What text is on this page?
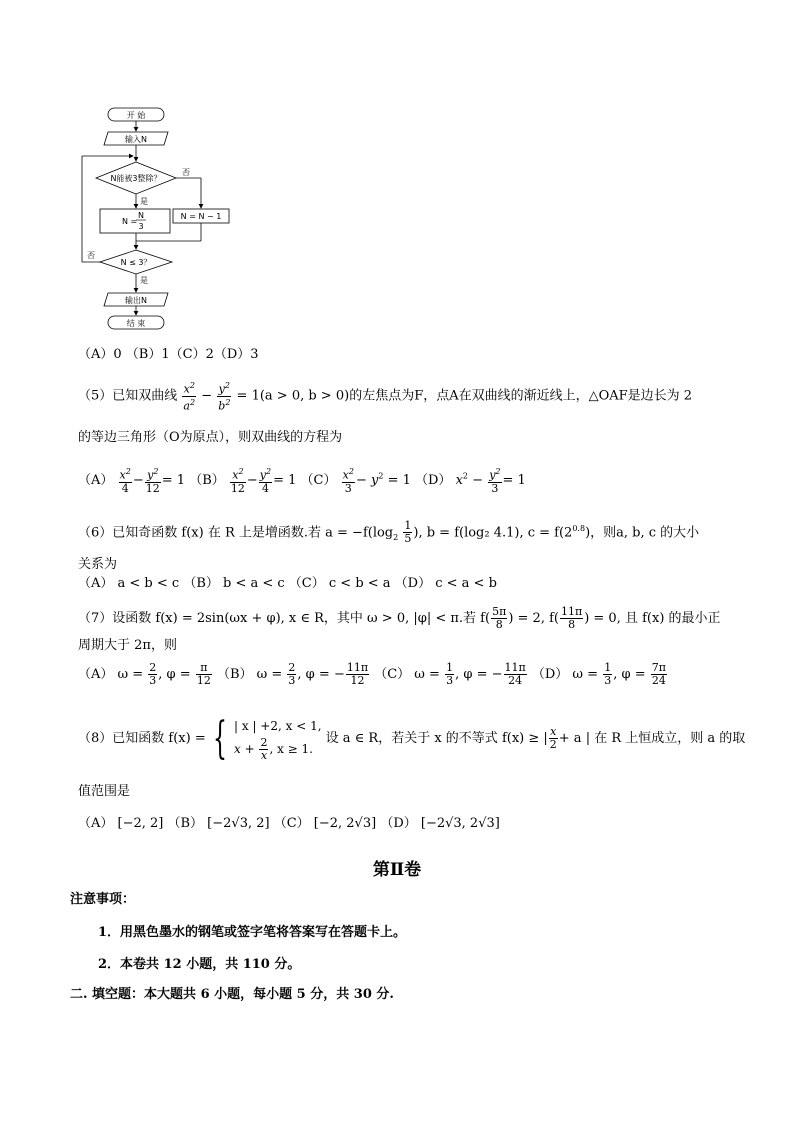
开 始
输入N
N能被3整除？
否
是
N =
N
3
N = N − 1
N ≤ 3？
否
是
输出N
结 束
（A）0 （B）1（C）2（D）3
（5）已知双曲线 $\frac{x^2}{a^2} - \frac{y^2}{b^2} = 1(a > 0$, b > 0)的左焦点为F，点A在双曲线的渐近线上，△OAF是边长为 2
的等边三角形（O为原点），则双曲线的方程为
$(A) \frac{x^2}{4} - \frac{y^2}{12} = 1$ $(B) \frac{x^2}{12} - \frac{y^2}{4} = 1$ $(C) \frac{x^2}{3} - y^2 = 1$ （D） $x^2 - \frac{y^2}{3} = 1$
（6）已知奇函数 f(x) 在 R 上是增函数.若 $a = -f(\log_2 \frac{1}{5}$ ), b = f(log₂ 4.1), $c = f(2^{0.8})$，则a, b, c 的大小
关系为
（A） a < b < c （B） b < a < c （C） c < b < a （D） c < a < b
（7）设函数 f(x) = 2sin(ωx + φ), x ∈ R，其中 ω > 0, |φ| < π.若 $f( \frac{5\pi}{8}$ ) = 2, $f( \frac{11\pi}{8}$ ) = 0, 且 f(x) 的最小正
周期大于 2π，则
（A） $\omega = \frac{2}{3}$ , $\varphi = \frac{\pi}{12} (B) \omega = \frac{2}{3}$ , φ = − $\frac{11\pi}{12} (C) \omega = \frac{1}{3}$ , φ = − $\frac{11\pi}{24} (D) \omega = \frac{1}{3}$ , $\varphi = \frac{7\pi}{24}$
（8）已知函数 f(x) = { | x | +2, x < 1,
$x + \frac{2}{x}$ , x ≥ 1.
设 a ∈ R，若关于 x 的不等式 f(x) ≥ | $\frac{x}{2} + a$ | 在 R 上恒成立，则 a 的取
值范围是
（A） [−2, 2] （B） [−2√3, 2] （C） [−2, 2√3] （D） [−2√3, 2√3]
第Ⅱ卷
注意事项：
1．用黑色墨水的钢笔或签字笔将答案写在答题卡上。
2．本卷共 12 小题，共 110 分。
二. 填空题：本大题共 6 小题，每小题 5 分，共 30 分.
